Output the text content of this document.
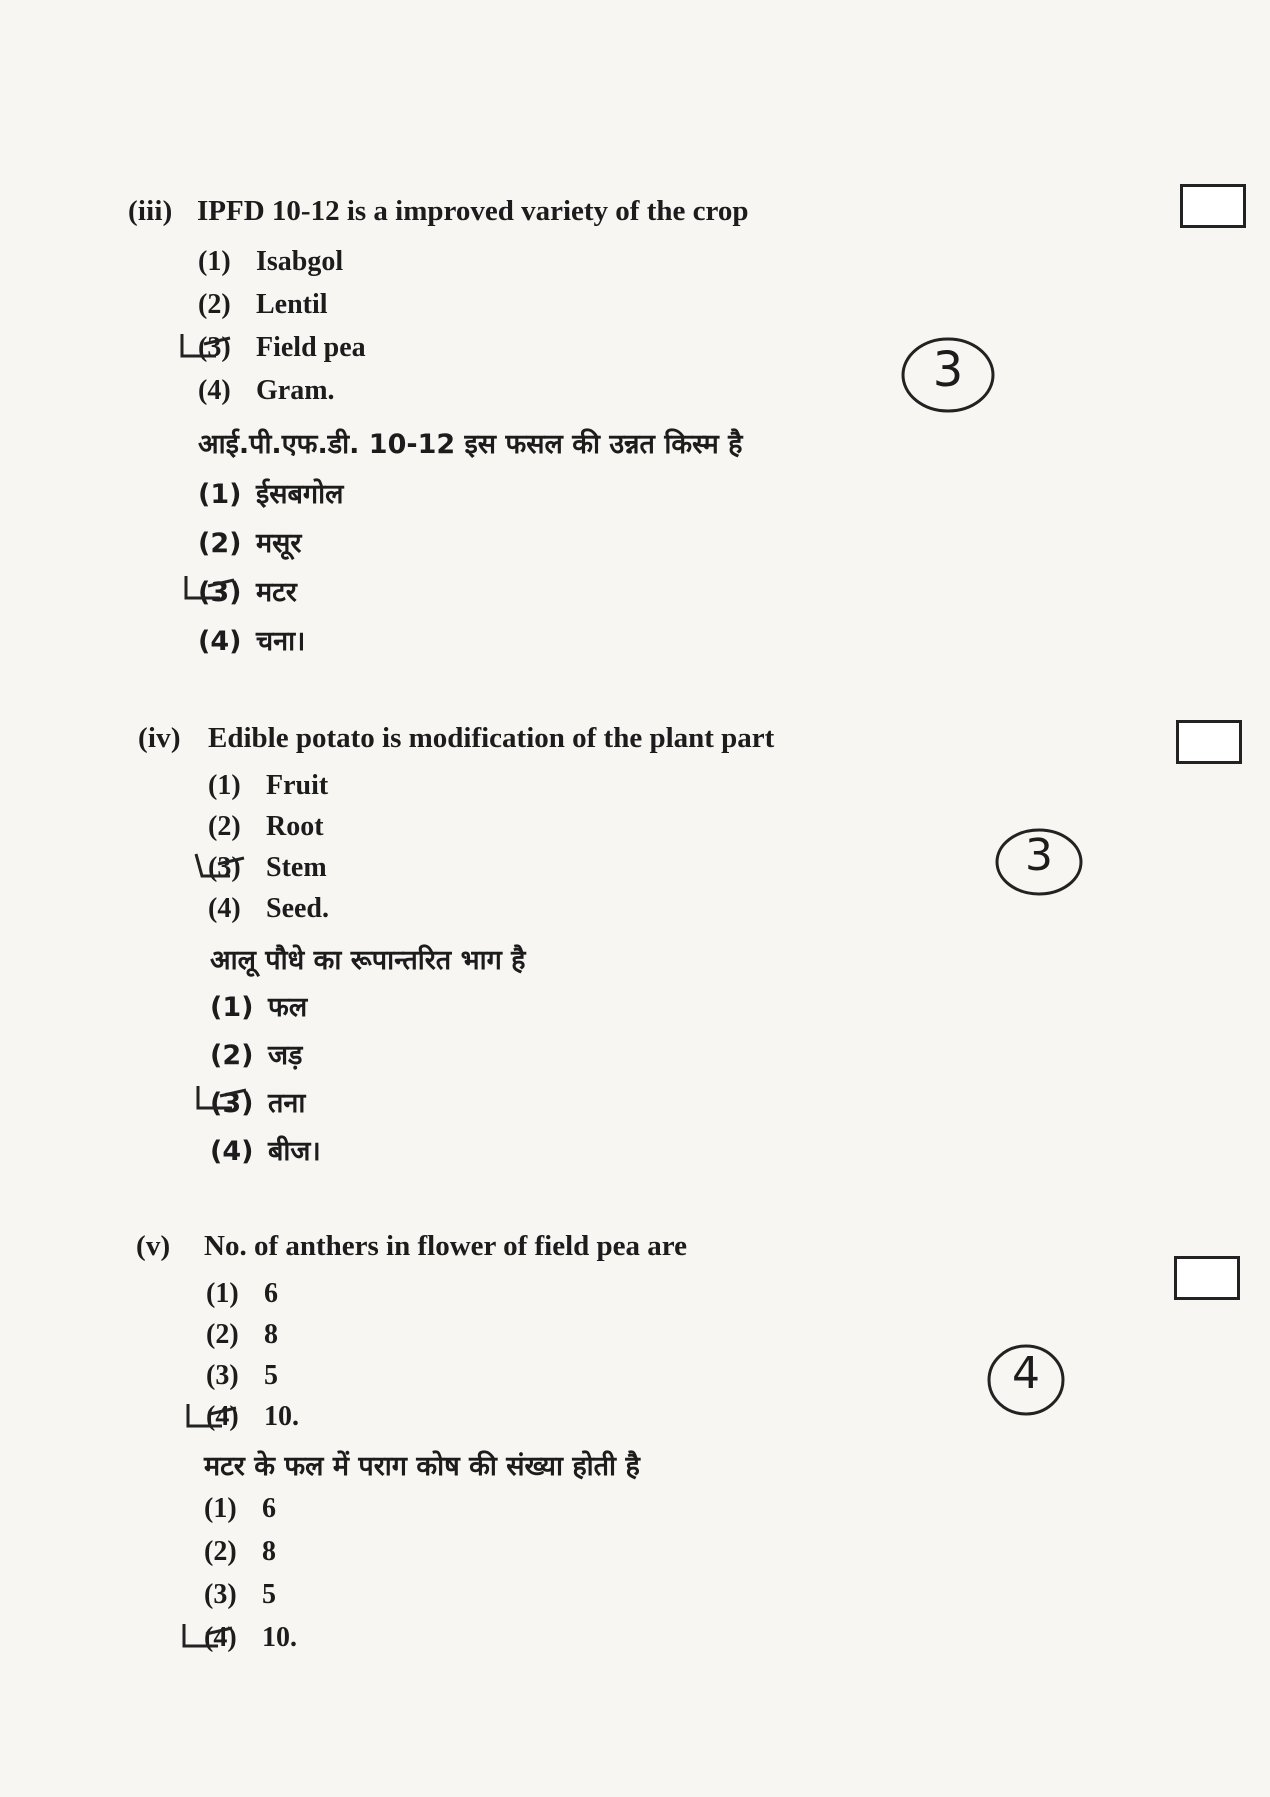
(iii) IPFD 10-12 is a improved variety of the crop
(1) Isabgol
(2) Lentil
(3) Field pea
(4) Gram.
आई.पी.एफ.डी. 10-12 इस फसल की उन्नत किस्म है
(1) ईसबगोल
(2) मसूर
(3) मटर
(4) चना।
3
(iv) Edible potato is modification of the plant part
(1) Fruit
(2) Root
(3) Stem
(4) Seed.
आलू पौधे का रूपान्तरित भाग है
(1) फल
(2) जड़
(3) तना
(4) बीज।
3
(v) No. of anthers in flower of field pea are
(1) 6
(2) 8
(3) 5
(4) 10.
मटर के फल में पराग कोष की संख्या होती है
(1) 6
(2) 8
(3) 5
(4) 10.
4
